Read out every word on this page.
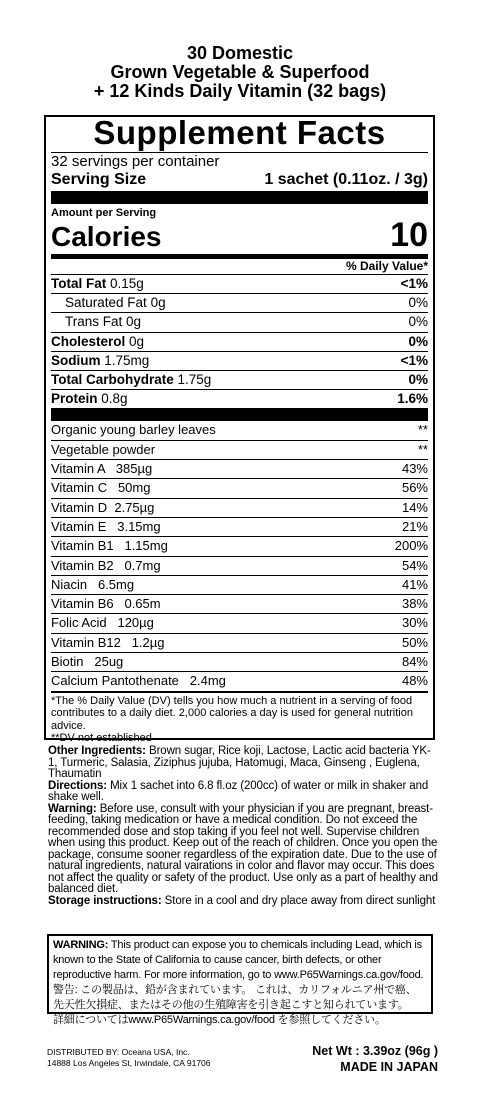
30 Domestic
Grown Vegetable & Superfood
+ 12 Kinds Daily Vitamin (32 bags)
Supplement Facts
32 servings per container
Serving Size	1 sachet (0.11oz. / 3g)
Amount per Serving
Calories	10
% Daily Value*
Total Fat 0.15g	<1%
Saturated Fat 0g	0%
Trans Fat 0g	0%
Cholesterol 0g	0%
Sodium 1.75mg	<1%
Total Carbohydrate 1.75g	0%
Protein 0.8g	1.6%
Organic young barley leaves	**
Vegetable powder	**
Vitamin A   385µg	43%
Vitamin C   50mg	56%
Vitamin D  2.75µg	14%
Vitamin E   3.15mg	21%
Vitamin B1   1.15mg	200%
Vitamin B2   0.7mg	54%
Niacin   6.5mg	41%
Vitamin B6   0.65m	38%
Folic Acid   120µg	30%
Vitamin B12   1.2µg	50%
Biotin   25ug	84%
Calcium Pantothenate   2.4mg	48%
*The % Daily Value (DV) tells you how much a nutrient in a serving of food contributes to a daily diet. 2,000 calories a day is used for general nutrition advice.
**DV not established
Other Ingredients: Brown sugar, Rice koji, Lactose, Lactic acid bacteria YK-1, Turmeric, Salasia, Ziziphus jujuba, Hatomugi, Maca, Ginseng , Euglena, Thaumatin
Directions: Mix 1 sachet into 6.8 fl.oz (200cc) of water or milk in shaker and shake well.
Warning: Before use, consult with your physician if you are pregnant, breast-feeding, taking medication or have a medical condition. Do not exceed the recommended dose and stop taking if you feel not well. Supervise children when using this product. Keep out of the reach of children. Once you open the package, consume sooner regardless of the expiration date. Due to the use of natural ingredients, natural vairations in color and flavor may occur. This does not affect the quality or safety of the product. Use only as a part of healthy and balanced diet.
Storage instructions: Store in a cool and dry place away from direct sunlight
WARNING: This product can expose you to chemicals including Lead, which is known to the State of California to cause cancer, birth defects, or other reproductive harm. For more information, go to www.P65Warnings.ca.gov/food.
警告: この製品は、鉛が含まれています。 これは、カリフォルニア州で癌、
先天性欠損症、またはその他の生殖障害を引き起こすと知られています。
詳細についてはwww.P65Warnings.ca.gov/food を参照してください。
DISTRIBUTED BY: Oceana USA, Inc.
14888 Los Angeles St, Irwindale, CA 91706
Net Wt : 3.39oz (96g )
MADE IN JAPAN
